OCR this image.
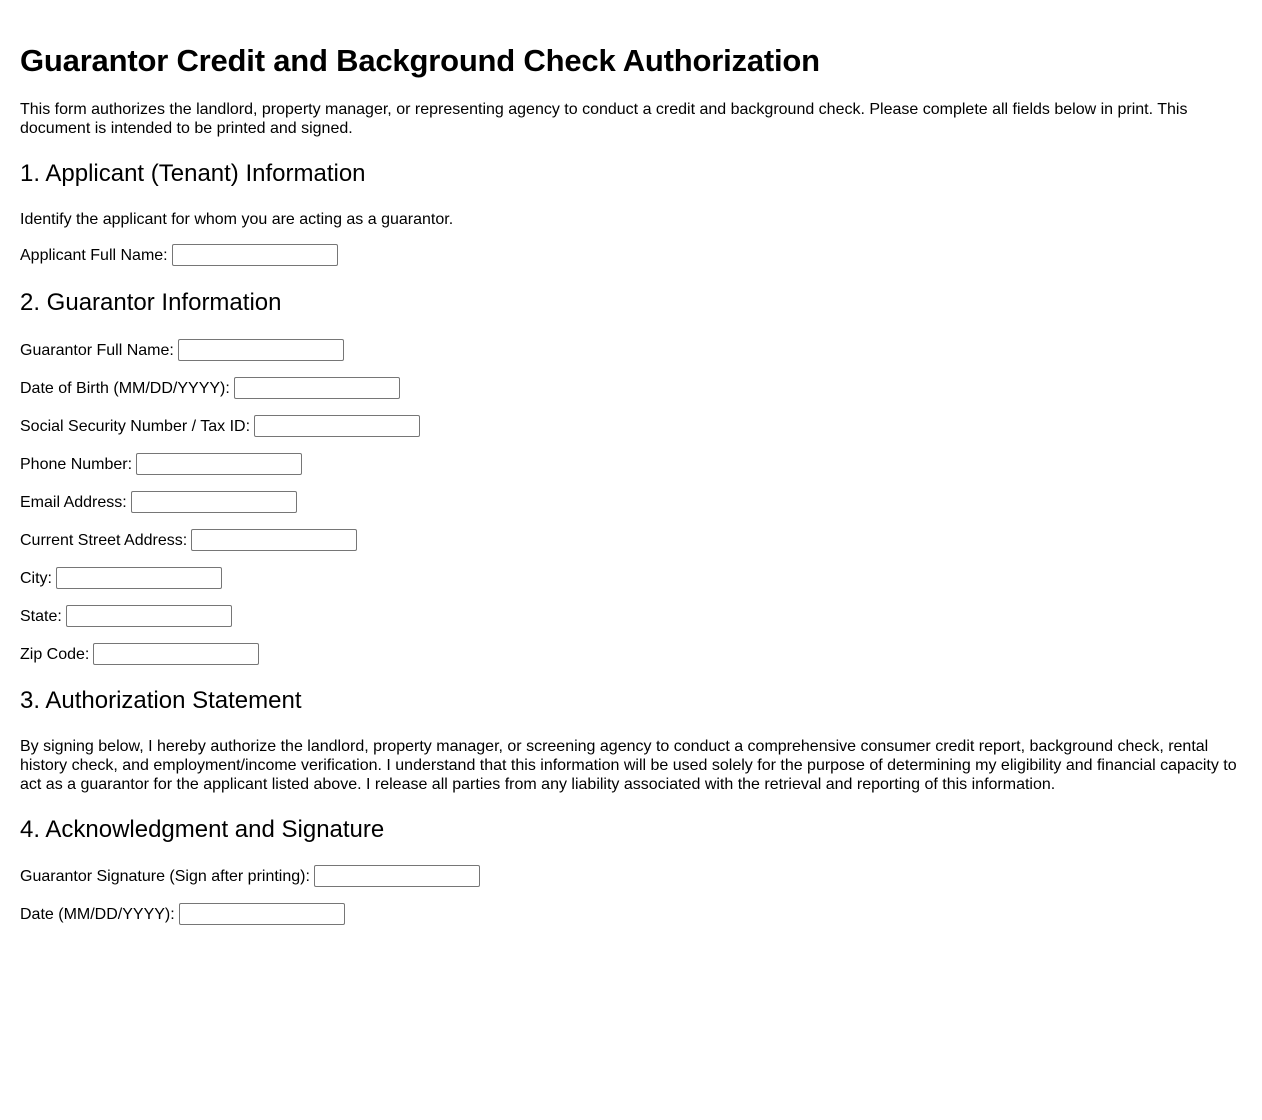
Guarantor Credit and Background Check Authorization

This form authorizes the landlord, property manager, or representing agency to conduct a credit and background check. Please complete all fields below in print. This document is intended to be printed and signed.

1. Applicant (Tenant) Information

Identify the applicant for whom you are acting as a guarantor.

Applicant Full Name:
2. Guarantor Information
Guarantor Full Name:
Date of Birth (MM/DD/YYYY):
Social Security Number / Tax ID:
Phone Number:
Email Address:
Current Street Address:
City:
State:
Zip Code:
3. Authorization Statement

By signing below, I hereby authorize the landlord, property manager, or screening agency to conduct a comprehensive consumer credit report, background check, rental history check, and employment/income verification. I understand that this information will be used solely for the purpose of determining my eligibility and financial capacity to act as a guarantor for the applicant listed above. I release all parties from any liability associated with the retrieval and reporting of this information.

4. Acknowledgment and Signature
Guarantor Signature (Sign after printing):
Date (MM/DD/YYYY):
